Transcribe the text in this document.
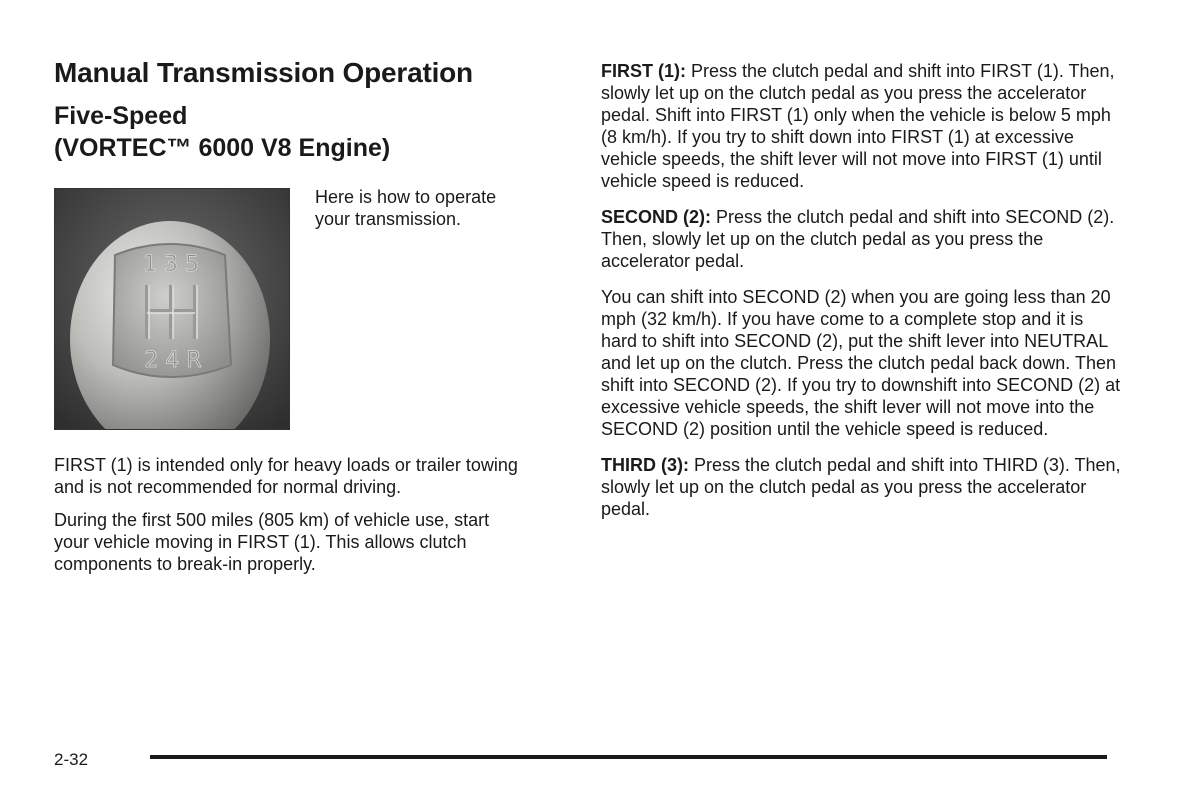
Manual Transmission Operation
Five-Speed
(VORTEC™ 6000 V8 Engine)
1 3 5
2 4 R

Here is how to operate your transmission.

FIRST (1) is intended only for heavy loads or trailer towing and is not recommended for normal driving.

During the first 500 miles (805 km) of vehicle use, start your vehicle moving in FIRST (1). This allows clutch components to break-in properly.

FIRST (1): Press the clutch pedal and shift into FIRST (1). Then, slowly let up on the clutch pedal as you press the accelerator pedal. Shift into FIRST (1) only when the vehicle is below 5 mph (8 km/h). If you try to shift down into FIRST (1) at excessive vehicle speeds, the shift lever will not move into FIRST (1) until vehicle speed is reduced.

SECOND (2): Press the clutch pedal and shift into SECOND (2). Then, slowly let up on the clutch pedal as you press the accelerator pedal.

You can shift into SECOND (2) when you are going less than 20 mph (32 km/h). If you have come to a complete stop and it is hard to shift into SECOND (2), put the shift lever into NEUTRAL and let up on the clutch. Press the clutch pedal back down. Then shift into SECOND (2). If you try to downshift into SECOND (2) at excessive vehicle speeds, the shift lever will not move into the SECOND (2) position until the vehicle speed is reduced.

THIRD (3): Press the clutch pedal and shift into THIRD (3). Then, slowly let up on the clutch pedal as you press the accelerator pedal.

2-32
